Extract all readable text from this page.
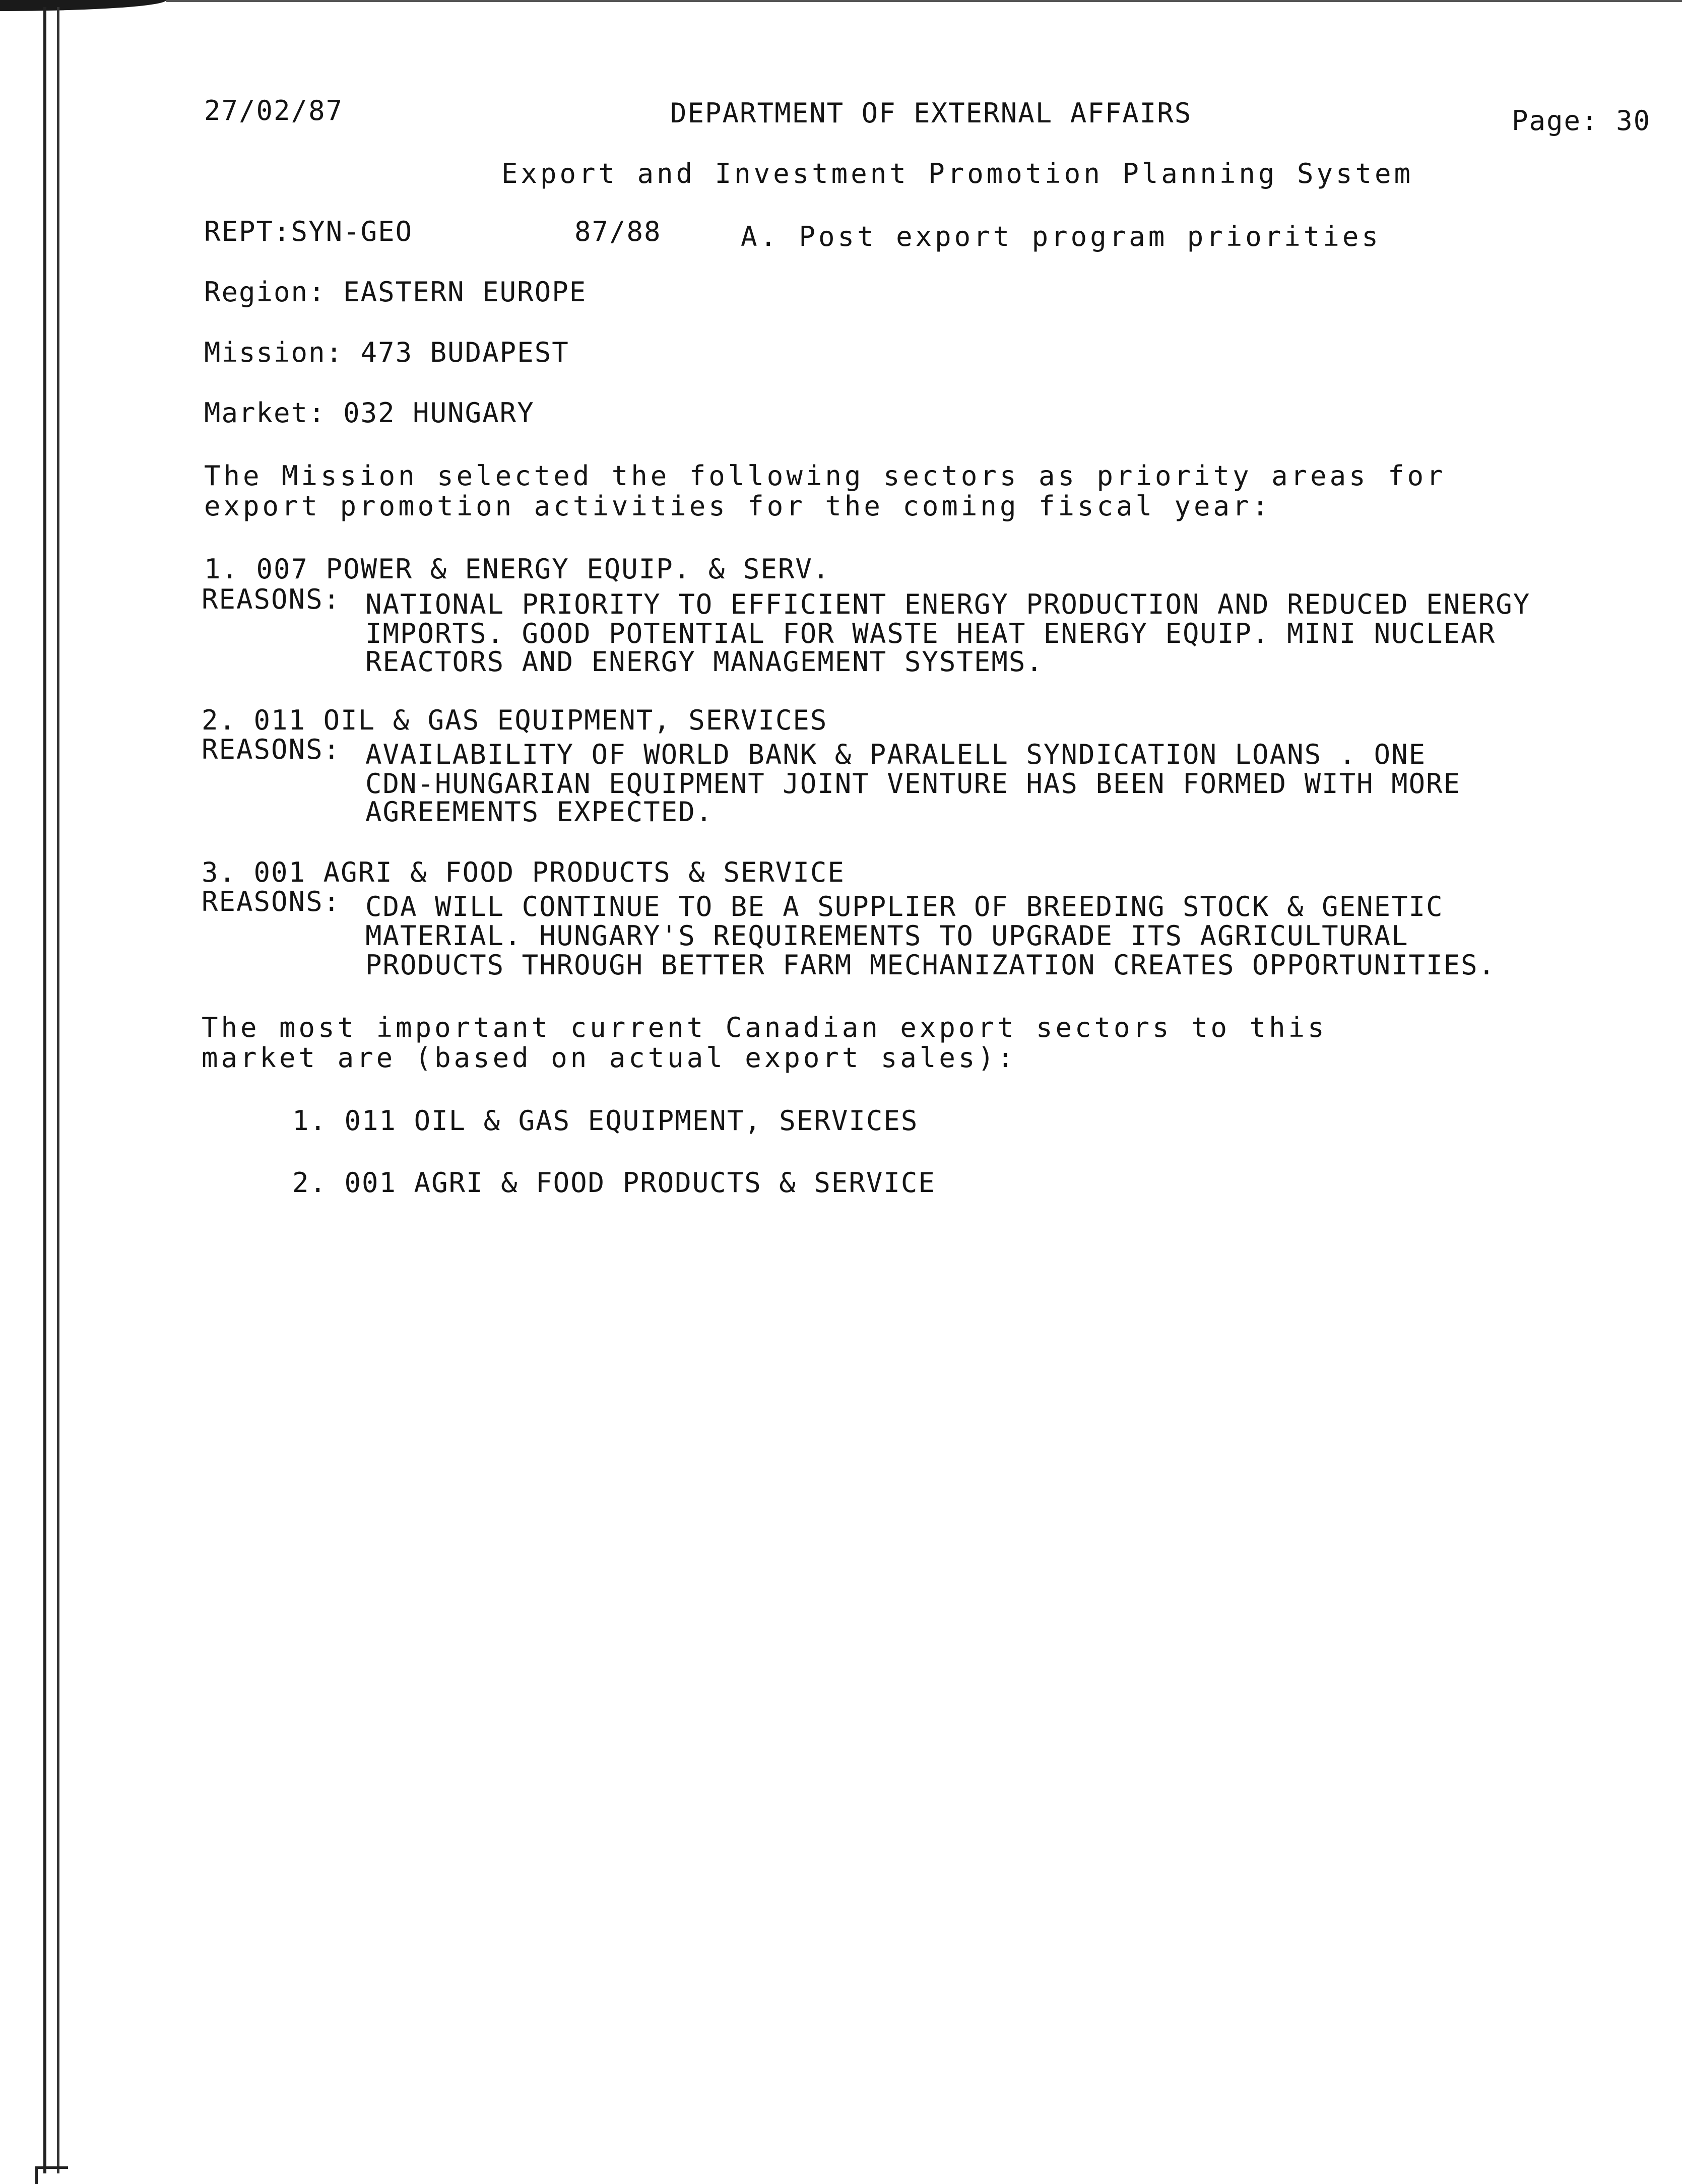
27/02/87	DEPARTMENT OF EXTERNAL AFFAIRS	Page: 30
Export and Investment Promotion Planning System
REPT:SYN-GEO	87/88	A. Post export program priorities
Region: EASTERN EUROPE
Mission: 473 BUDAPEST
Market: 032 HUNGARY
The Mission selected the following sectors as priority areas for
export promotion activities for the coming fiscal year:
1. 007 POWER & ENERGY EQUIP. & SERV.
REASONS: NATIONAL PRIORITY TO EFFICIENT ENERGY PRODUCTION AND REDUCED ENERGY
IMPORTS. GOOD POTENTIAL FOR WASTE HEAT ENERGY EQUIP. MINI NUCLEAR
REACTORS AND ENERGY MANAGEMENT SYSTEMS.
2. 011 OIL & GAS EQUIPMENT, SERVICES
REASONS: AVAILABILITY OF WORLD BANK & PARALELL SYNDICATION LOANS . ONE
CDN-HUNGARIAN EQUIPMENT JOINT VENTURE HAS BEEN FORMED WITH MORE
AGREEMENTS EXPECTED.
3. 001 AGRI & FOOD PRODUCTS & SERVICE
REASONS: CDA WILL CONTINUE TO BE A SUPPLIER OF BREEDING STOCK & GENETIC
MATERIAL. HUNGARY'S REQUIREMENTS TO UPGRADE ITS AGRICULTURAL
PRODUCTS THROUGH BETTER FARM MECHANIZATION CREATES OPPORTUNITIES.
The most important current Canadian export sectors to this
market are (based on actual export sales):
1. 011 OIL & GAS EQUIPMENT, SERVICES
2. 001 AGRI & FOOD PRODUCTS & SERVICE
